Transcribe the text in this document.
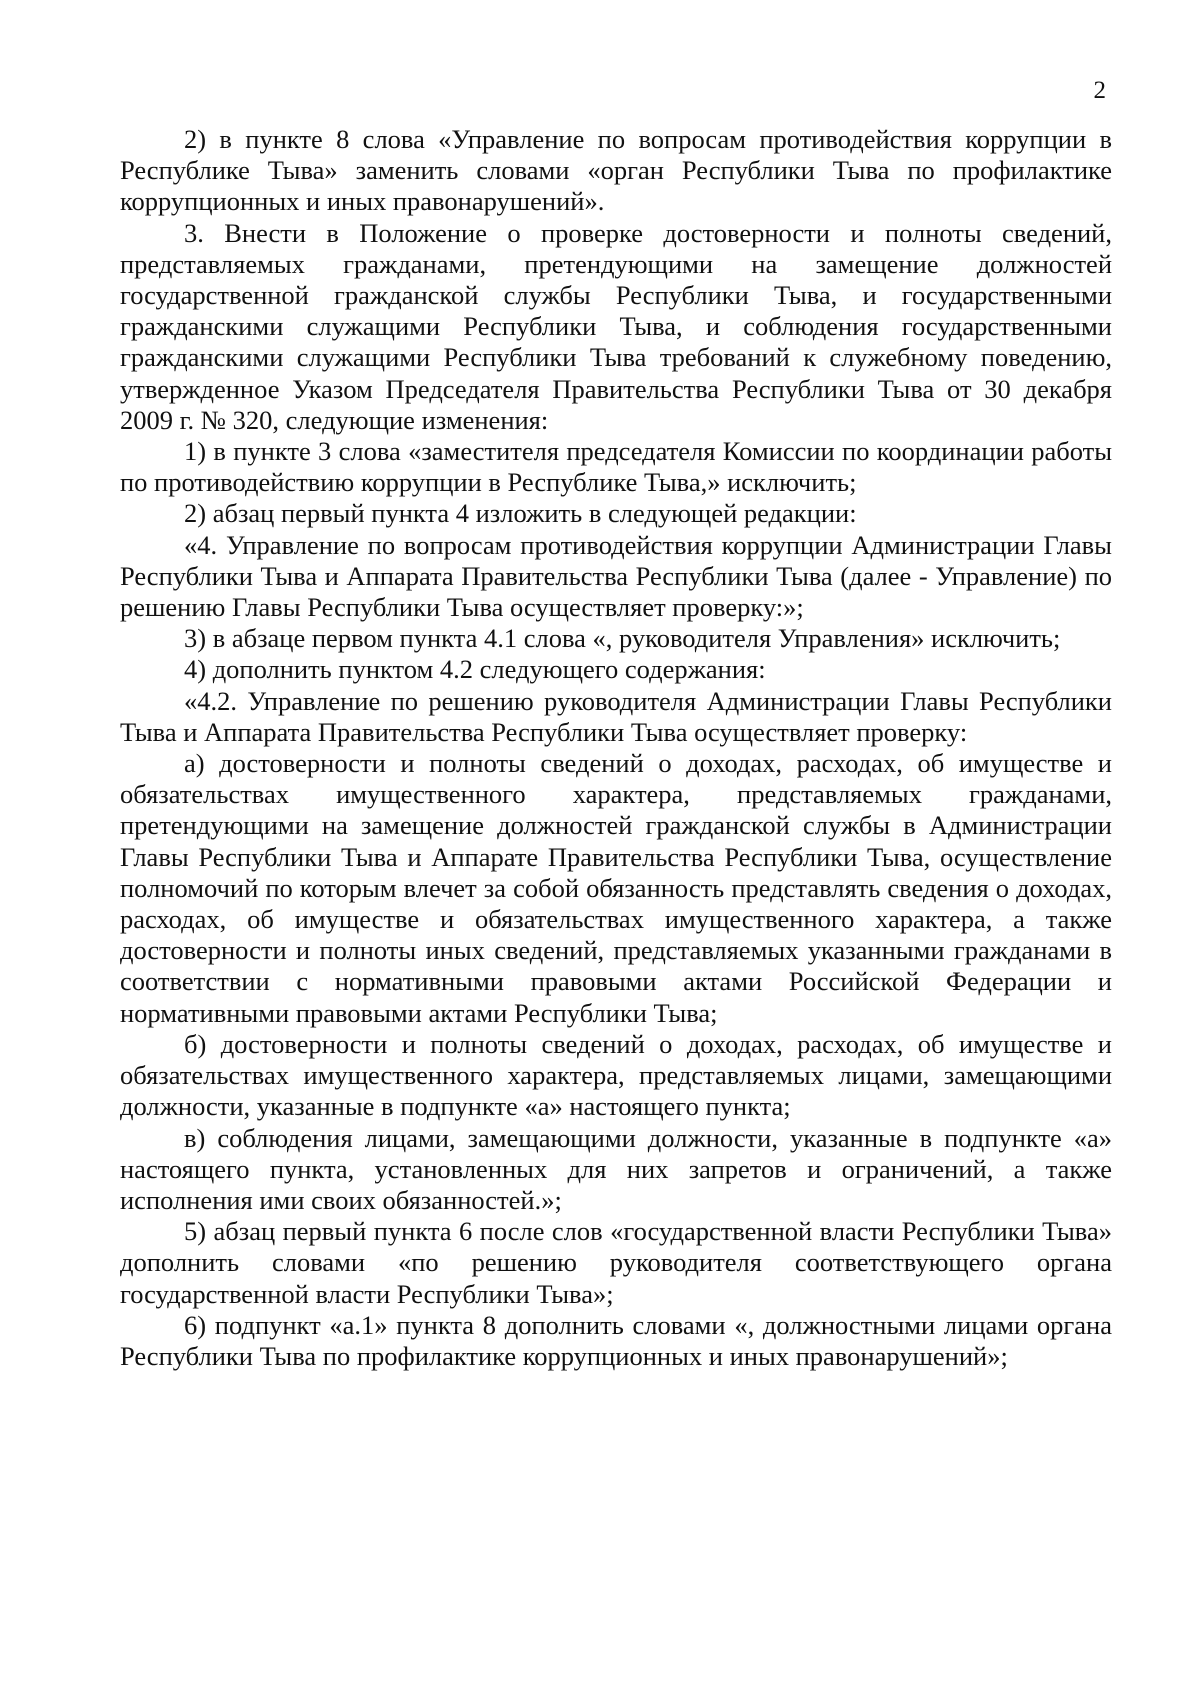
2

2) в пункте 8 слова «Управление по вопросам противодействия коррупции в Республике Тыва» заменить словами «орган Республики Тыва по профилактике коррупционных и иных правонарушений».

3. Внести в Положение о проверке достоверности и полноты сведений, представляемых гражданами, претендующими на замещение должностей государственной гражданской службы Республики Тыва, и государственными гражданскими служащими Республики Тыва, и соблюдения государственными гражданскими служащими Республики Тыва требований к служебному поведению, утвержденное Указом Председателя Правительства Республики Тыва от 30 декабря 2009 г. № 320, следующие изменения:

1) в пункте 3 слова «заместителя председателя Комиссии по координации работы по противодействию коррупции в Республике Тыва,» исключить;

2) абзац первый пункта 4 изложить в следующей редакции:

«4. Управление по вопросам противодействия коррупции Администрации Главы Республики Тыва и Аппарата Правительства Республики Тыва (далее - Управление) по решению Главы Республики Тыва осуществляет проверку:»;

3) в абзаце первом пункта 4.1 слова «, руководителя Управления» исключить;

4) дополнить пунктом 4.2 следующего содержания:

«4.2. Управление по решению руководителя Администрации Главы Республики Тыва и Аппарата Правительства Республики Тыва осуществляет проверку:

а) достоверности и полноты сведений о доходах, расходах, об имуществе и обязательствах имущественного характера, представляемых гражданами, претендующими на замещение должностей гражданской службы в Администрации Главы Республики Тыва и Аппарате Правительства Республики Тыва, осуществление полномочий по которым влечет за собой обязанность представлять сведения о доходах, расходах, об имуществе и обязательствах имущественного характера, а также достоверности и полноты иных сведений, представляемых указанными гражданами в соответствии с нормативными правовыми актами Российской Федерации и нормативными правовыми актами Республики Тыва;

б) достоверности и полноты сведений о доходах, расходах, об имуществе и обязательствах имущественного характера, представляемых лицами, замещающими должности, указанные в подпункте «а» настоящего пункта;

в) соблюдения лицами, замещающими должности, указанные в подпункте «а» настоящего пункта, установленных для них запретов и ограничений, а также исполнения ими своих обязанностей.»;

5) абзац первый пункта 6 после слов «государственной власти Республики Тыва» дополнить словами «по решению руководителя соответствующего органа государственной власти Республики Тыва»;

6) подпункт «а.1» пункта 8 дополнить словами «, должностными лицами органа Республики Тыва по профилактике коррупционных и иных правонарушений»;
